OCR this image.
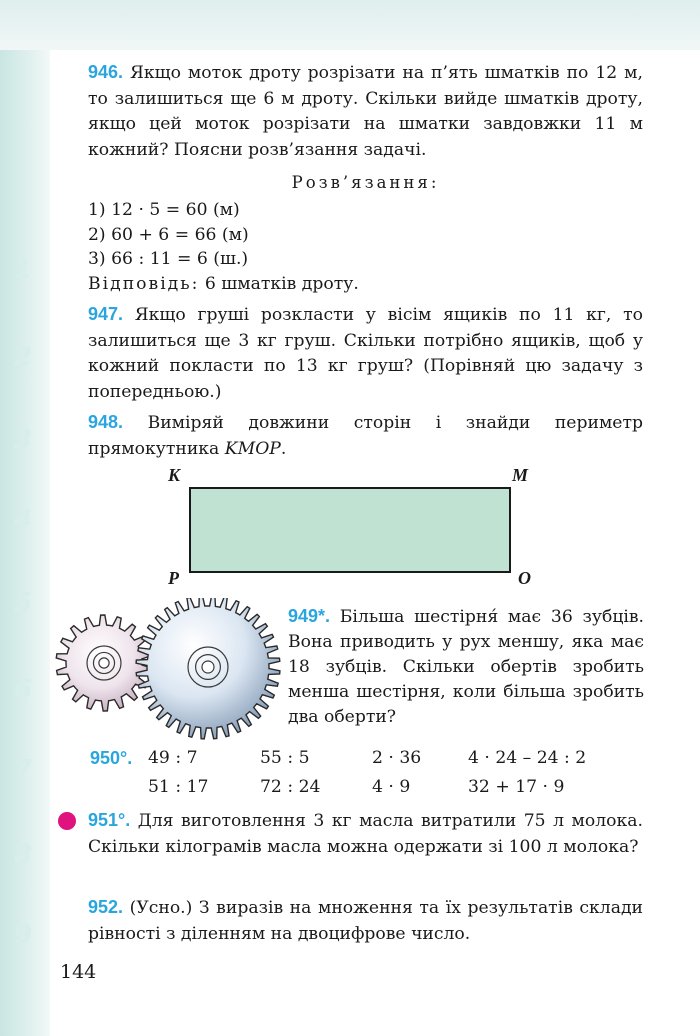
1
2
3
4
5
6
7
8
9
946. Якщо моток дроту розрізати на п’ять шматків по 12 м, то залишиться ще 6 м дроту. Скільки вийде шматків дроту, якщо цей моток розрізати на шматки завдовжки 11 м кожний? Поясни розв’язання задачі.
Розв’язання:
1) 12 · 5 = 60 (м)
2) 60 + 6 = 66 (м)
3) 66 : 11 = 6 (ш.)
Відповідь: 6 шматків дроту.
947. Якщо груші розкласти у вісім ящиків по 11 кг, то залишиться ще 3 кг груш. Скільки потрібно ящиків, щоб у кожний покласти по 13 кг груш? (Порівняй цю задачу з попередньою.)
948. Виміряй довжини сторін і знайди периметр прямокутника KMOP.
K	M
P	O
949*. Більша шестірня́ має 36 зубців. Вона приводить у рух меншу, яка має 18 зубців. Скільки обертів зробить менша шестірня, коли більша зробить два оберти?
950°. 49 : 7	55 : 5	2 · 36	4 · 24 – 24 : 2
51 : 17	72 : 24	4 · 9	32 + 17 · 9
951°. Для виготовлення 3 кг масла витратили 75 л молока. Скільки кілограмів масла можна одержати зі 100 л молока?
952. (Усно.) З виразів на множення та їх результатів склади рівності з діленням на двоцифрове число.
144
